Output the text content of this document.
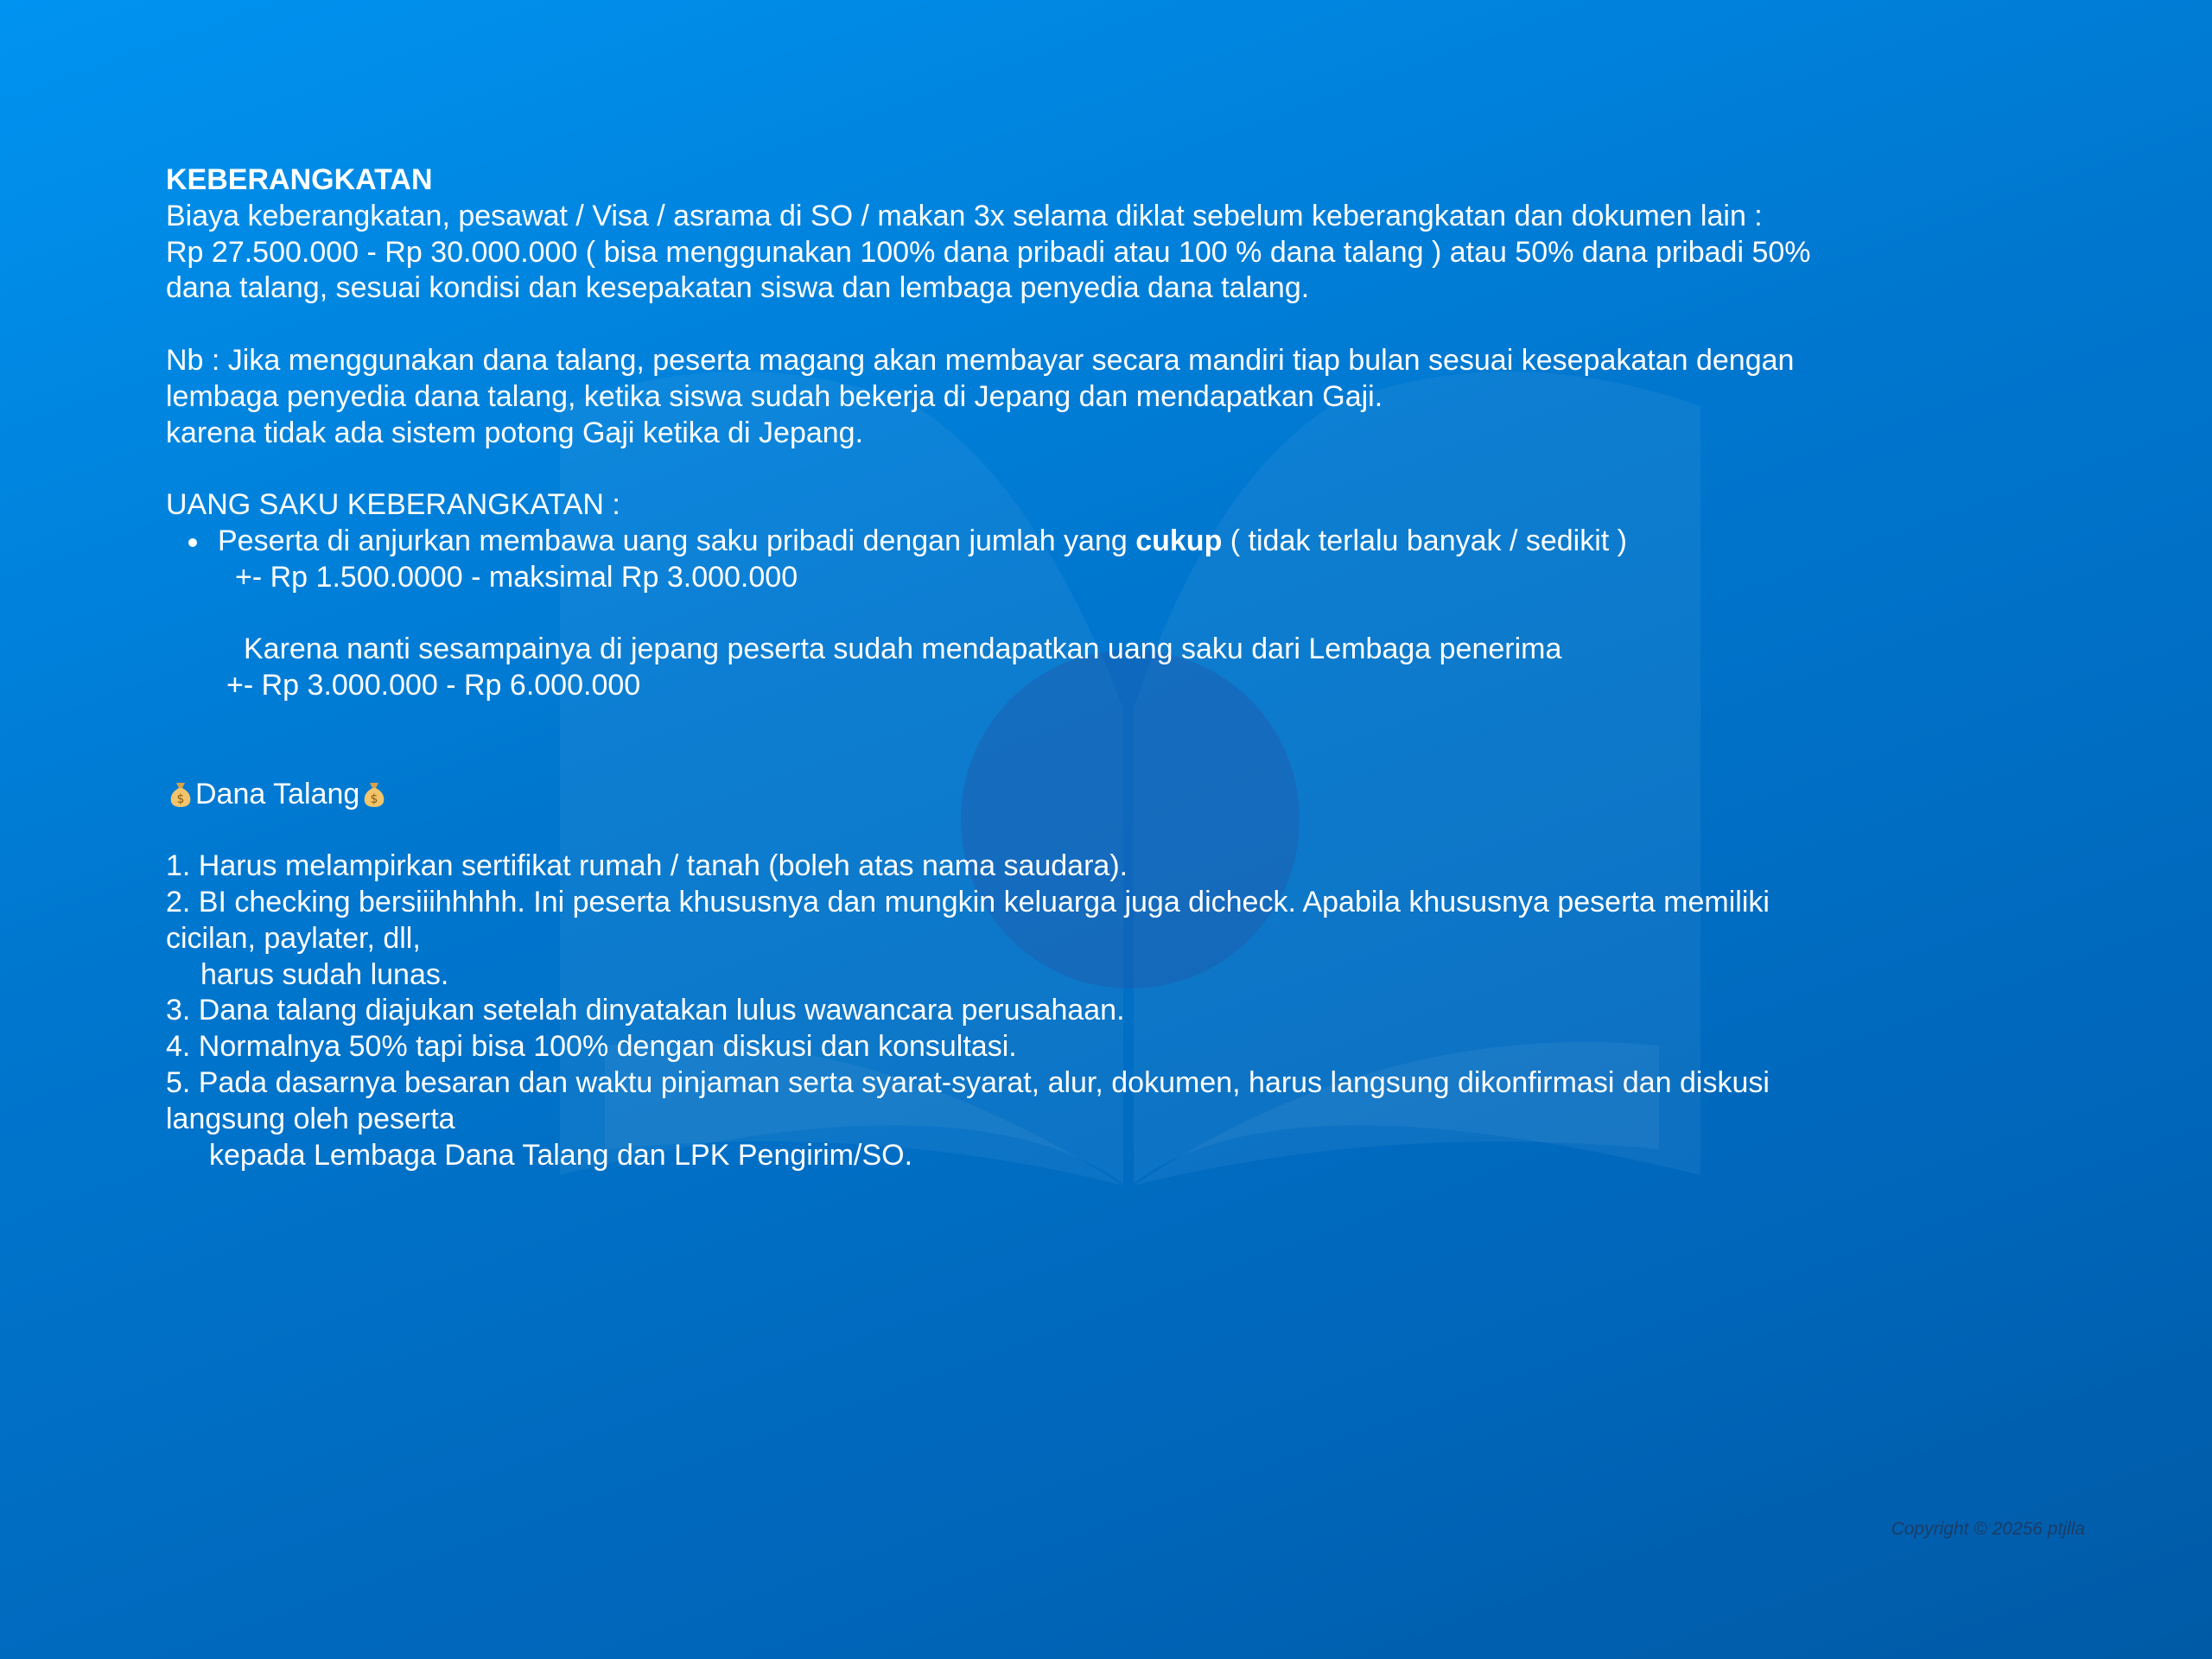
KEBERANGKATAN
Biaya keberangkatan, pesawat / Visa / asrama di SO / makan 3x selama diklat sebelum keberangkatan dan dokumen lain :
Rp 27.500.000 - Rp 30.000.000 ( bisa menggunakan 100% dana pribadi atau 100 % dana talang ) atau 50% dana pribadi 50%
dana talang, sesuai kondisi dan kesepakatan siswa dan lembaga penyedia dana talang.
Nb : Jika menggunakan dana talang, peserta magang akan membayar secara mandiri tiap bulan sesuai kesepakatan dengan
lembaga penyedia dana talang, ketika siswa sudah bekerja di Jepang dan mendapatkan Gaji.
karena tidak ada sistem potong Gaji ketika di Jepang.
UANG SAKU KEBERANGKATAN :
Peserta di anjurkan membawa uang saku pribadi dengan jumlah yang cukup ( tidak terlalu banyak / sedikit )
+- Rp 1.500.0000 - maksimal Rp 3.000.000
Karena nanti sesampainya di jepang peserta sudah mendapatkan uang saku dari Lembaga penerima
+- Rp 3.000.000 - Rp 6.000.000
$ Dana Talang $
1. Harus melampirkan sertifikat rumah / tanah (boleh atas nama saudara).
2. BI checking bersiiihhhhh. Ini peserta khususnya dan mungkin keluarga juga dicheck. Apabila khususnya peserta memiliki
cicilan, paylater, dll,
harus sudah lunas.
3. Dana talang diajukan setelah dinyatakan lulus wawancara perusahaan.
4. Normalnya 50% tapi bisa 100% dengan diskusi dan konsultasi.
5. Pada dasarnya besaran dan waktu pinjaman serta syarat-syarat, alur, dokumen, harus langsung dikonfirmasi dan diskusi
langsung oleh peserta
kepada Lembaga Dana Talang dan LPK Pengirim/SO.
Copyright © 20256 ptjlla
